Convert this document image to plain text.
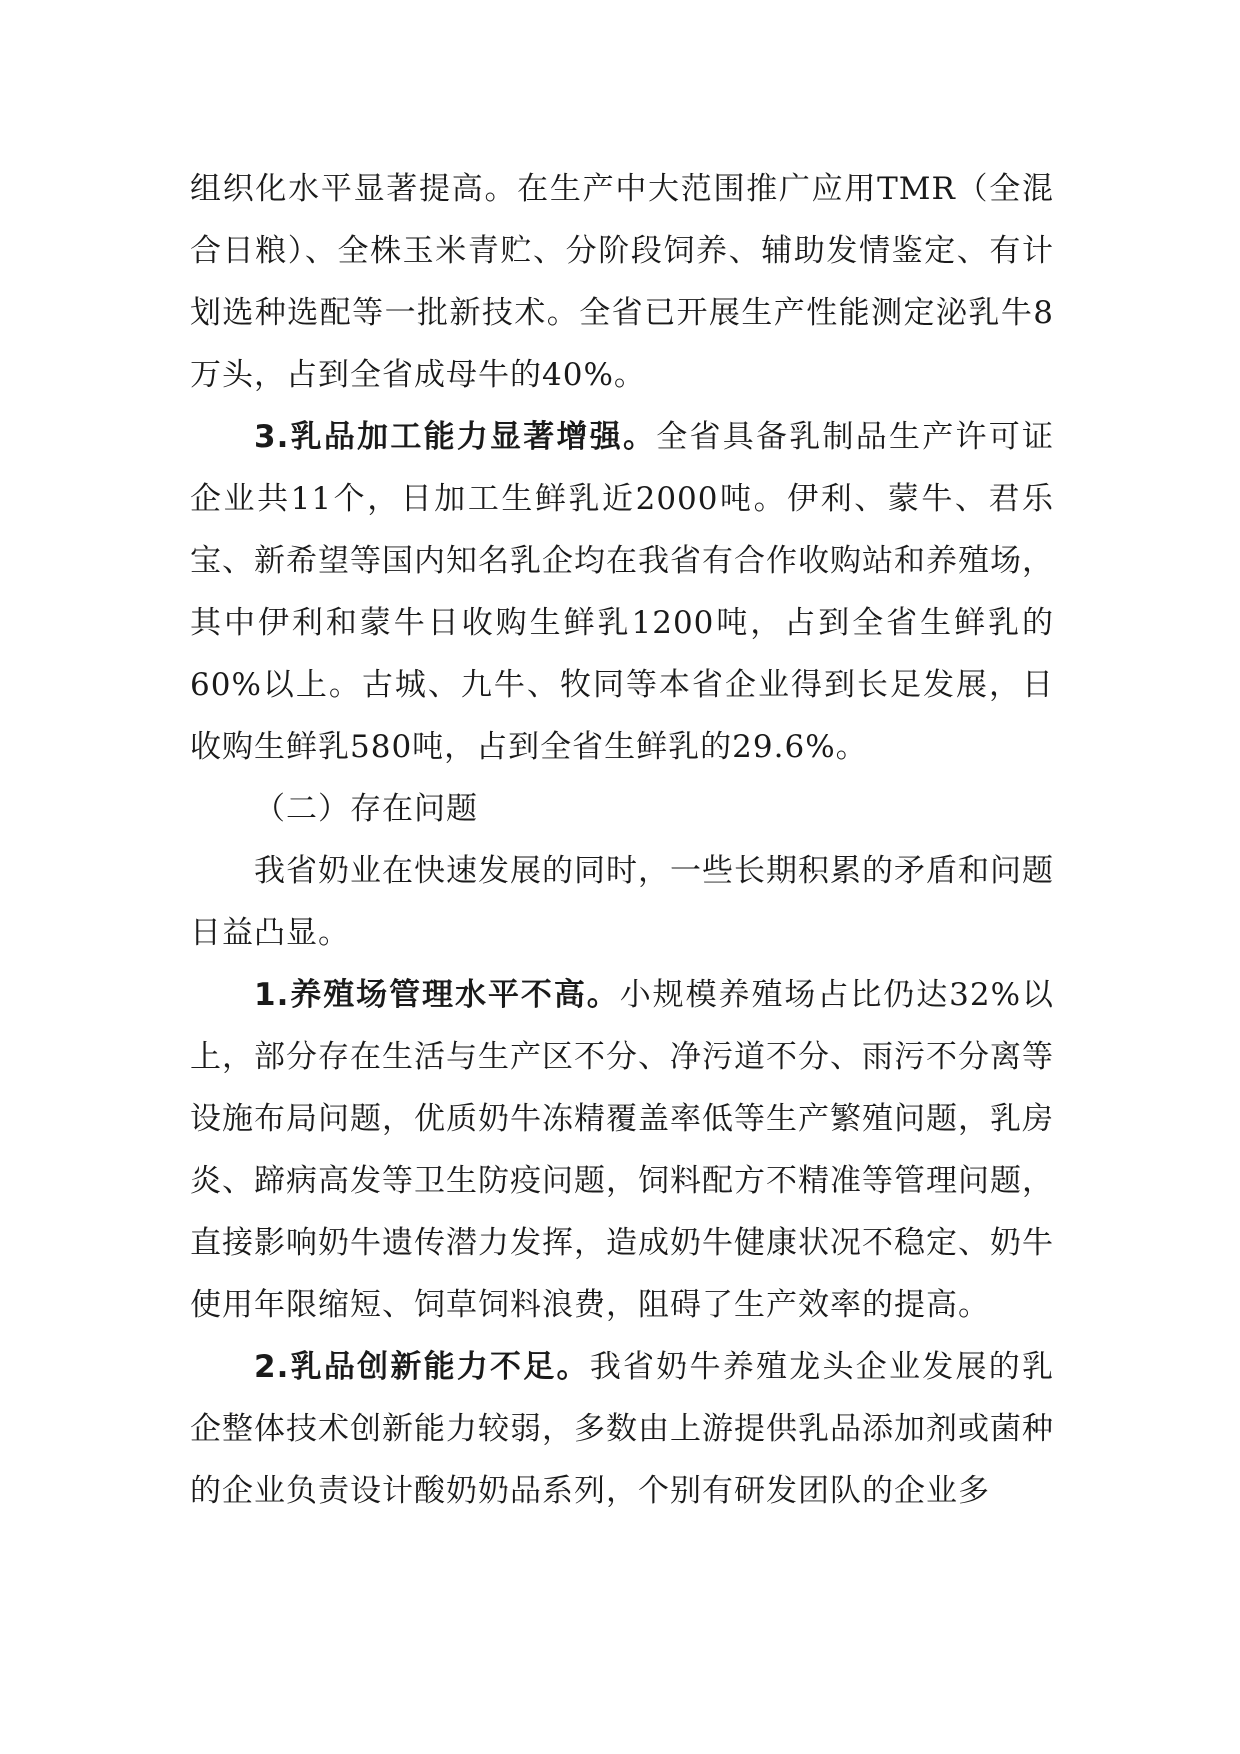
组织化水平显著提高。在生产中大范围推广应用TMR（全混合日粮）、全株玉米青贮、分阶段饲养、辅助发情鉴定、有计划选种选配等一批新技术。全省已开展生产性能测定泌乳牛8万头，占到全省成母牛的40%。

3.乳品加工能力显著增强。全省具备乳制品生产许可证企业共11个，日加工生鲜乳近2000吨。伊利、蒙牛、君乐宝、新希望等国内知名乳企均在我省有合作收购站和养殖场，其中伊利和蒙牛日收购生鲜乳1200吨，占到全省生鲜乳的60%以上。古城、九牛、牧同等本省企业得到长足发展，日收购生鲜乳580吨，占到全省生鲜乳的29.6%。

（二）存在问题

我省奶业在快速发展的同时，一些长期积累的矛盾和问题日益凸显。

1.养殖场管理水平不高。小规模养殖场占比仍达32%以上，部分存在生活与生产区不分、净污道不分、雨污不分离等设施布局问题，优质奶牛冻精覆盖率低等生产繁殖问题，乳房炎、蹄病高发等卫生防疫问题，饲料配方不精准等管理问题，直接影响奶牛遗传潜力发挥，造成奶牛健康状况不稳定、奶牛使用年限缩短、饲草饲料浪费，阻碍了生产效率的提高。

2.乳品创新能力不足。我省奶牛养殖龙头企业发展的乳企整体技术创新能力较弱，多数由上游提供乳品添加剂或菌种的企业负责设计酸奶奶品系列，个别有研发团队的企业多
